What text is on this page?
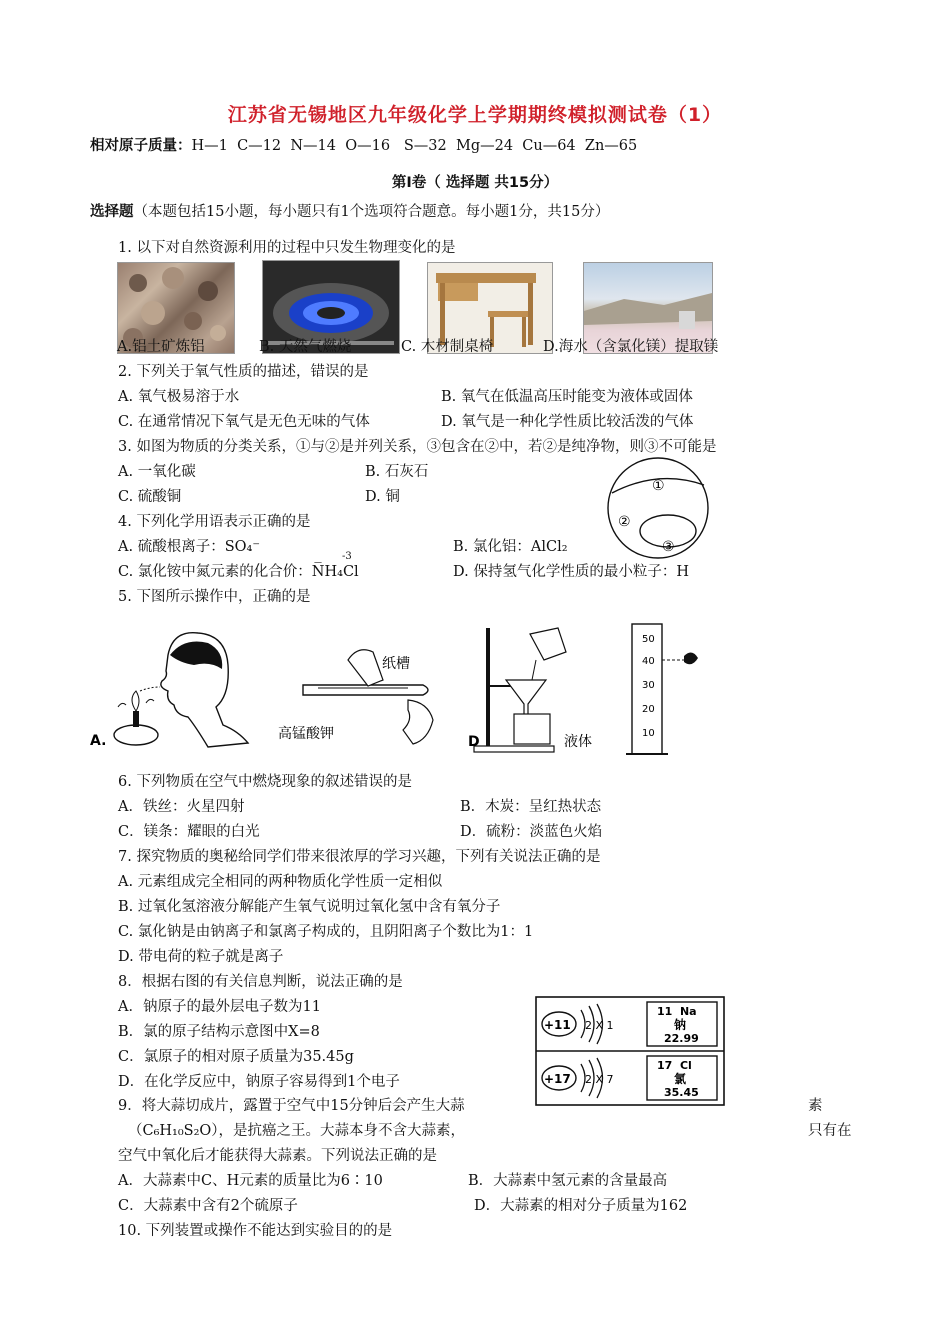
江苏省无锡地区九年级化学上学期期终模拟测试卷（1）
相对原子质量：H—1  C—12  N—14  O—16   S—32  Mg—24  Cu—64  Zn—65
第Ⅰ卷（ 选择题 共15分）
选择题（本题包括15小题，每小题只有1个选项符合题意。每小题1分，共15分）
1. 以下对自然资源利用的过程中只发生物理变化的是
A.铝土矿炼铝	B. 天然气燃烧	C. 木材制桌椅	D.海水（含氯化镁）提取镁
2. 下列关于氧气性质的描述，错误的是
A. 氧气极易溶于水	B. 氧气在低温高压时能变为液体或固体
C. 在通常情况下氧气是无色无味的气体	D. 氧气是一种化学性质比较活泼的气体
3. 如图为物质的分类关系，①与②是并列关系，③包含在②中，若②是纯净物，则③不可能是
A. 一氧化碳	B. 石灰石
C. 硫酸铜	D. 铜
①
②
③
4. 下列化学用语表示正确的是
A. 硫酸根离子：SO₄⁻	B. 氯化铝：AlCl₂
C. 氯化铵中氮元素的化合价：N̅H₄Cl
-3
D. 保持氢气化学性质的最小粒子：H
5. 下图所示操作中，正确的是
A.
纸槽
高锰酸钾	D	液体
50
40
30
20
10
6. 下列物质在空气中燃烧现象的叙述错误的是
A．铁丝：火星四射	B．木炭：呈红热状态
C．镁条：耀眼的白光	D．硫粉：淡蓝色火焰
7. 探究物质的奥秘给同学们带来很浓厚的学习兴趣，下列有关说法正确的是
A. 元素组成完全相同的两种物质化学性质一定相似
B. 过氧化氢溶液分解能产生氧气说明过氧化氢中含有氧分子
C. 氯化钠是由钠离子和氯离子构成的，且阴阳离子个数比为1：1
D. 带电荷的粒子就是离子
8．根据右图的有关信息判断，说法正确的是
A．钠原子的最外层电子数为11
B．氯的原子结构示意图中X=8
C．氯原子的相对原子质量为35.45g
D．在化学反应中，钠原子容易得到1个电子
+11 2 X 1
11  Na
钠
22.99
+17 2 X 7
17  Cl
氯
35.45
9．将大蒜切成片，露置于空气中15分钟后会产生大蒜	素
（C₆H₁₀S₂O），是抗癌之王。大蒜本身不含大蒜素，	只有在
空气中氧化后才能获得大蒜素。下列说法正确的是
A．大蒜素中C、H元素的质量比为6∶10	B．大蒜素中氢元素的含量最高
C．大蒜素中含有2个硫原子	D．大蒜素的相对分子质量为162
10. 下列装置或操作不能达到实验目的的是
